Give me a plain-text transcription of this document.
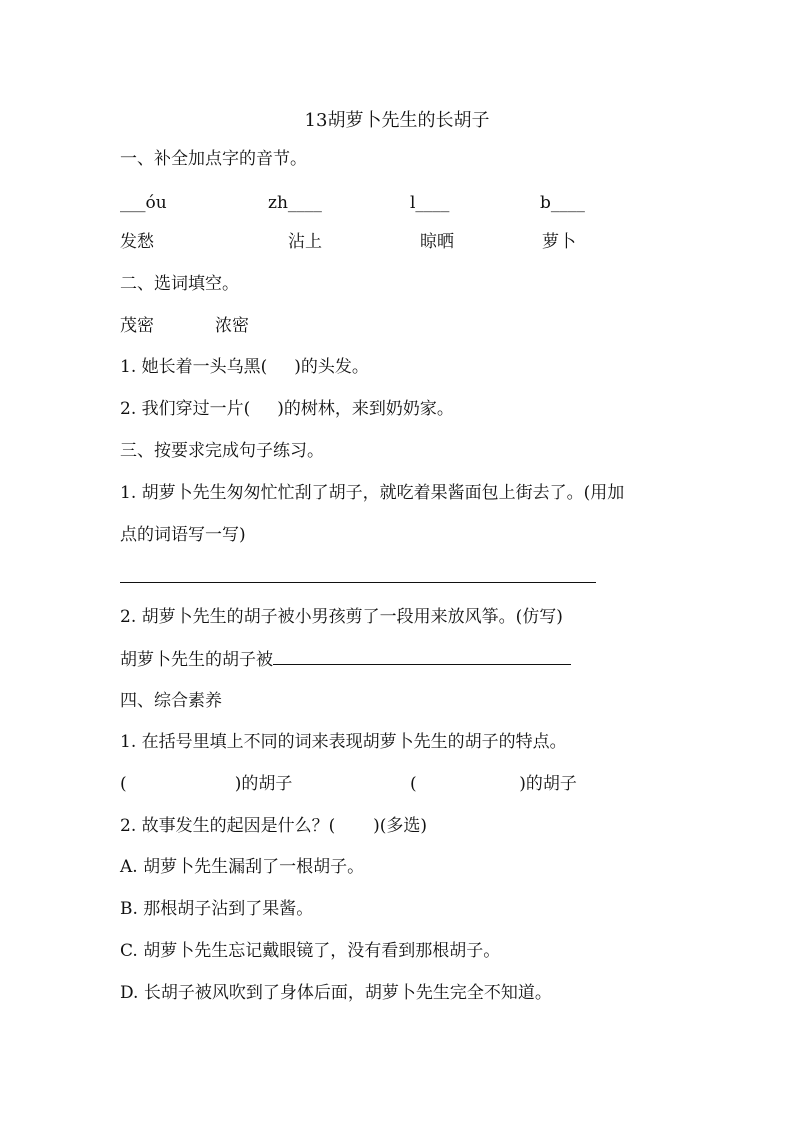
13胡萝卜先生的长胡子
一、补全加点字的音节。
___óu	zh____	l____	b____
发愁	沾上	晾晒	萝卜
二、选词填空。
茂密	浓密
1. 她长着一头乌黑(     )的头发。
2. 我们穿过一片(     )的树林，来到奶奶家。
三、按要求完成句子练习。
1. 胡萝卜先生匆匆忙忙刮了胡子，就吃着果酱面包上街去了。(用加
点的词语写一写)
2. 胡萝卜先生的胡子被小男孩剪了一段用来放风筝。(仿写)
胡萝卜先生的胡子被
四、综合素养
1. 在括号里填上不同的词来表现胡萝卜先生的胡子的特点。
(                    )的胡子	(                   )的胡子
2. 故事发生的起因是什么？(       )(多选)
A. 胡萝卜先生漏刮了一根胡子。
B. 那根胡子沾到了果酱。
C. 胡萝卜先生忘记戴眼镜了，没有看到那根胡子。
D. 长胡子被风吹到了身体后面，胡萝卜先生完全不知道。
